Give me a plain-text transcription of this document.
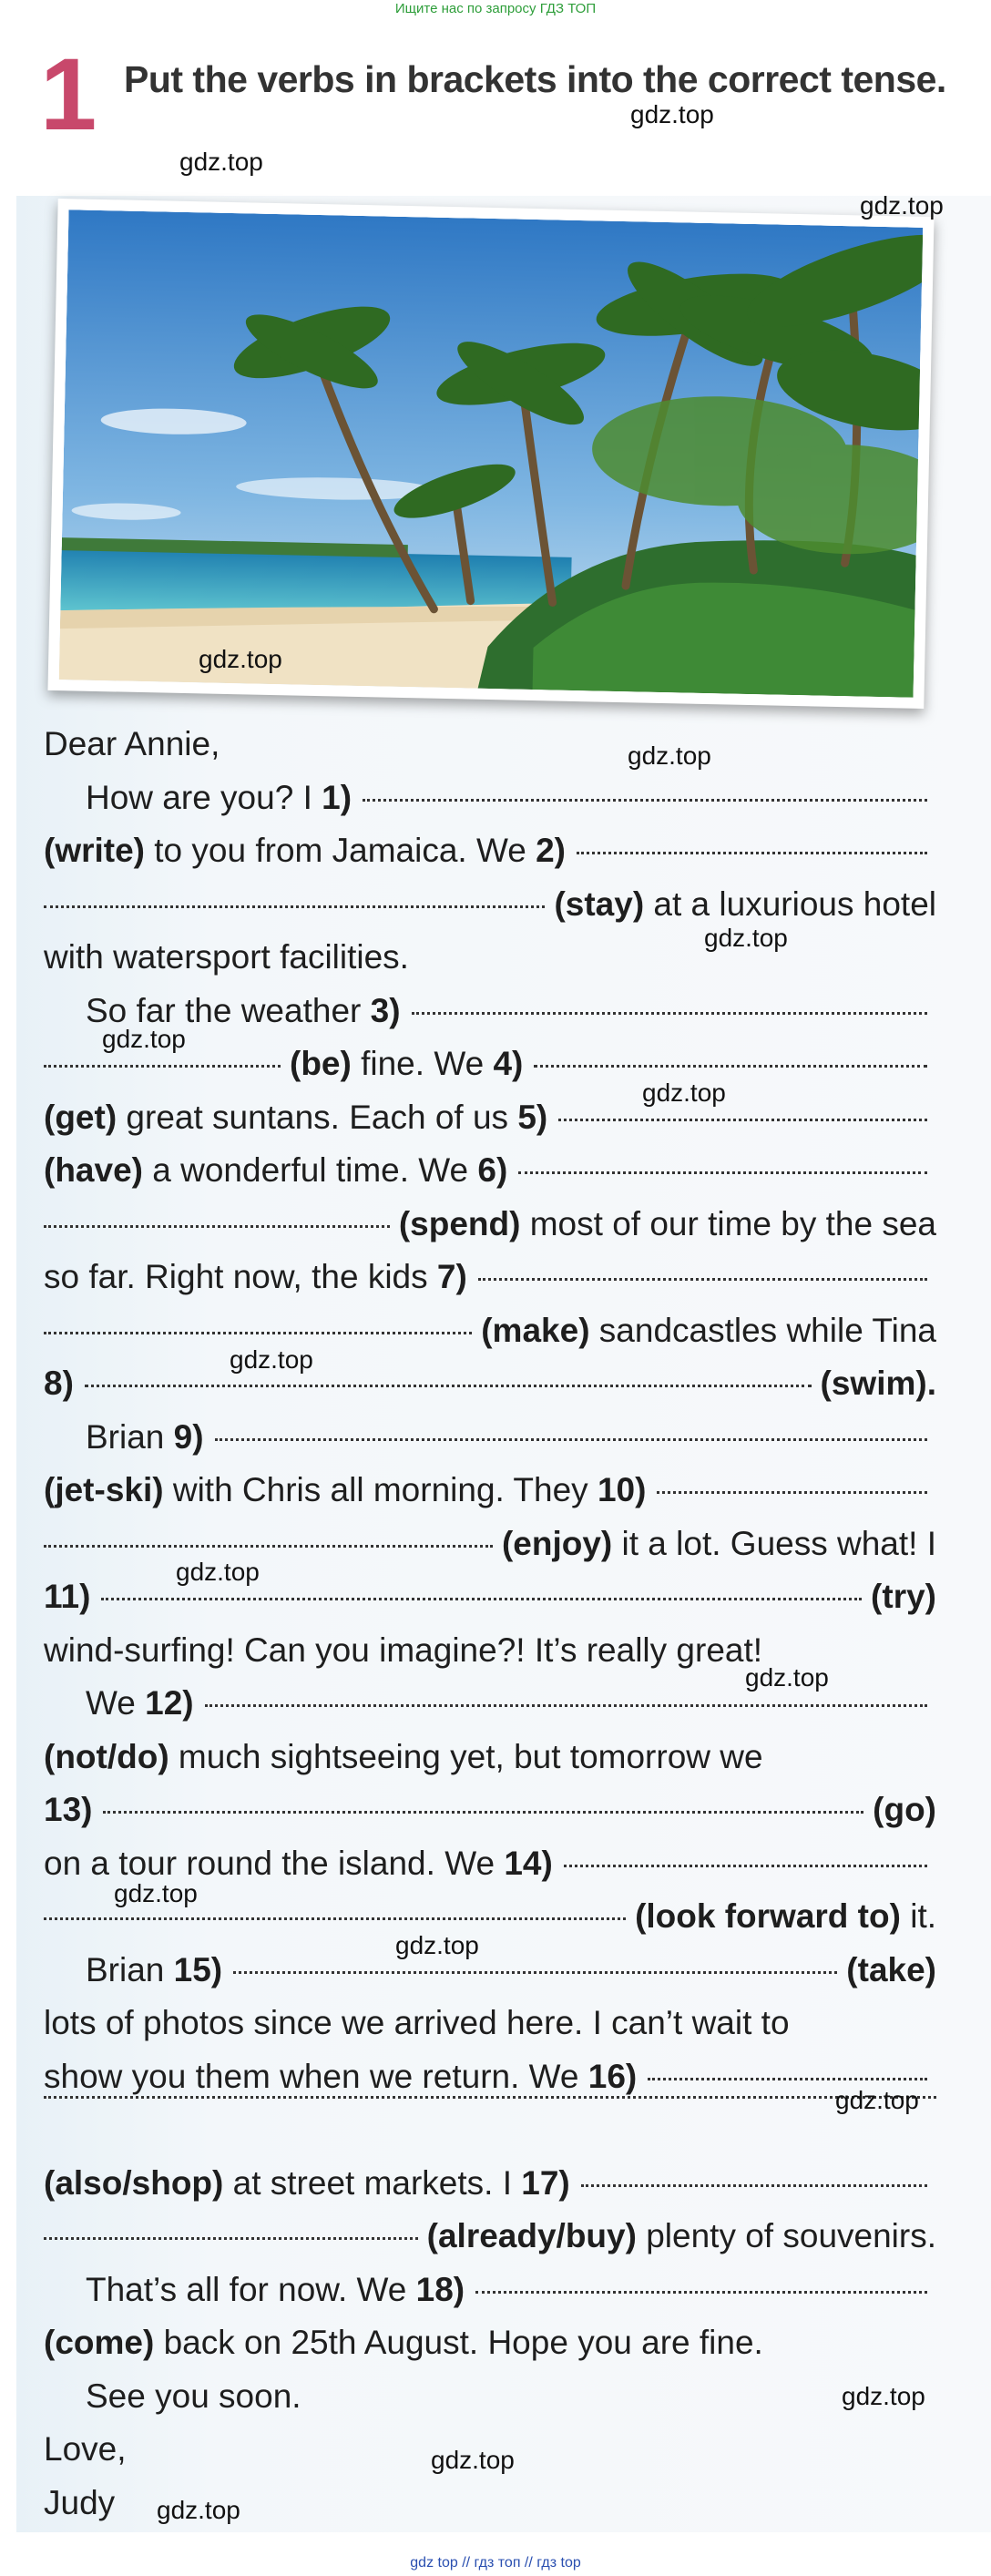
Ищите нас по запросу ГДЗ ТОП
1 Put the verbs in brackets into the correct tense.
Dear Annie,
How are you? I 1)
(write) to you from Jamaica. We 2)
(stay) at a luxurious hotel
with watersport facilities.
So far the weather 3)
(be) fine. We 4)
(get) great suntans. Each of us 5)
(have) a wonderful time. We 6)
(spend) most of our time by the sea
so far. Right now, the kids 7)
(make) sandcastles while Tina
8)	(swim).
Brian 9)
(jet-ski) with Chris all morning. They 10)
(enjoy) it a lot. Guess what! I
11)	(try)
wind-surfing! Can you imagine?! It’s really great!
We 12)
(not/do) much sightseeing yet, but tomorrow we
13)	(go)
on a tour round the island. We 14)
(look forward to) it.
Brian 15)	(take)
lots of photos since we arrived here. I can’t wait to
show you them when we return. We 16)
(also/shop) at street markets. I 17)
(already/buy) plenty of souvenirs.
That’s all for now. We 18)
(come) back on 25th August. Hope you are fine.
See you soon.
Love,
Judy
gdz.top
gdz.top
gdz.top
gdz.top
gdz.top
gdz.top
gdz.top
gdz.top
gdz.top
gdz.top
gdz.top
gdz.top
gdz.top
gdz.top
gdz.top
gdz.top
gdz.top
gdz top // гдз топ // гдз top
